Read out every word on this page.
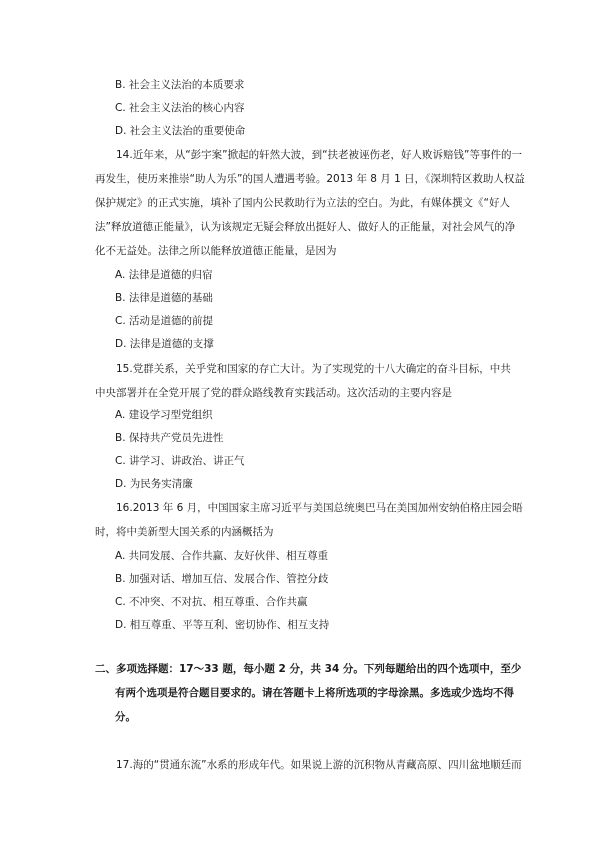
B. 社会主义法治的本质要求
C. 社会主义法治的核心内容
D. 社会主义法治的重要使命
14.近年来，从“彭宇案”掀起的轩然大波，到“扶老被诬伤老，好人败诉赔钱”等事件的一
再发生，使历来推崇“助人为乐”的国人遭遇考验。2013 年 8 月 1 日，《深圳特区救助人权益
保护规定》的正式实施，填补了国内公民救助行为立法的空白。为此，有媒体撰文《“好人
法”释放道德正能量》，认为该规定无疑会释放出挺好人、做好人的正能量，对社会风气的净
化不无益处。法律之所以能释放道德正能量，是因为
A. 法律是道德的归宿
B. 法律是道德的基础
C. 活动是道德的前提
D. 法律是道德的支撑
15.党群关系，关乎党和国家的存亡大计。为了实现党的十八大确定的奋斗目标，中共
中央部署并在全党开展了党的群众路线教育实践活动。这次活动的主要内容是
A. 建设学习型党组织
B. 保持共产党员先进性
C. 讲学习、讲政治、讲正气
D. 为民务实清廉
16.2013 年 6 月，中国国家主席习近平与美国总统奥巴马在美国加州安纳伯格庄园会晤
时，将中美新型大国关系的内涵概括为
A. 共同发展、合作共赢、友好伙伴、相互尊重
B. 加强对话、增加互信、发展合作、管控分歧
C. 不冲突、不对抗、相互尊重、合作共赢
D. 相互尊重、平等互利、密切协作、相互支持
二、多项选择题：17～33 题，每小题 2 分，共 34 分。下列每题给出的四个选项中，至少
有两个选项是符合题目要求的。请在答题卡上将所选项的字母涂黑。多选或少选均不得
分。
17.海的“贯通东流”水系的形成年代。如果说上游的沉积物从青藏高原、四川盆地顺廷而
